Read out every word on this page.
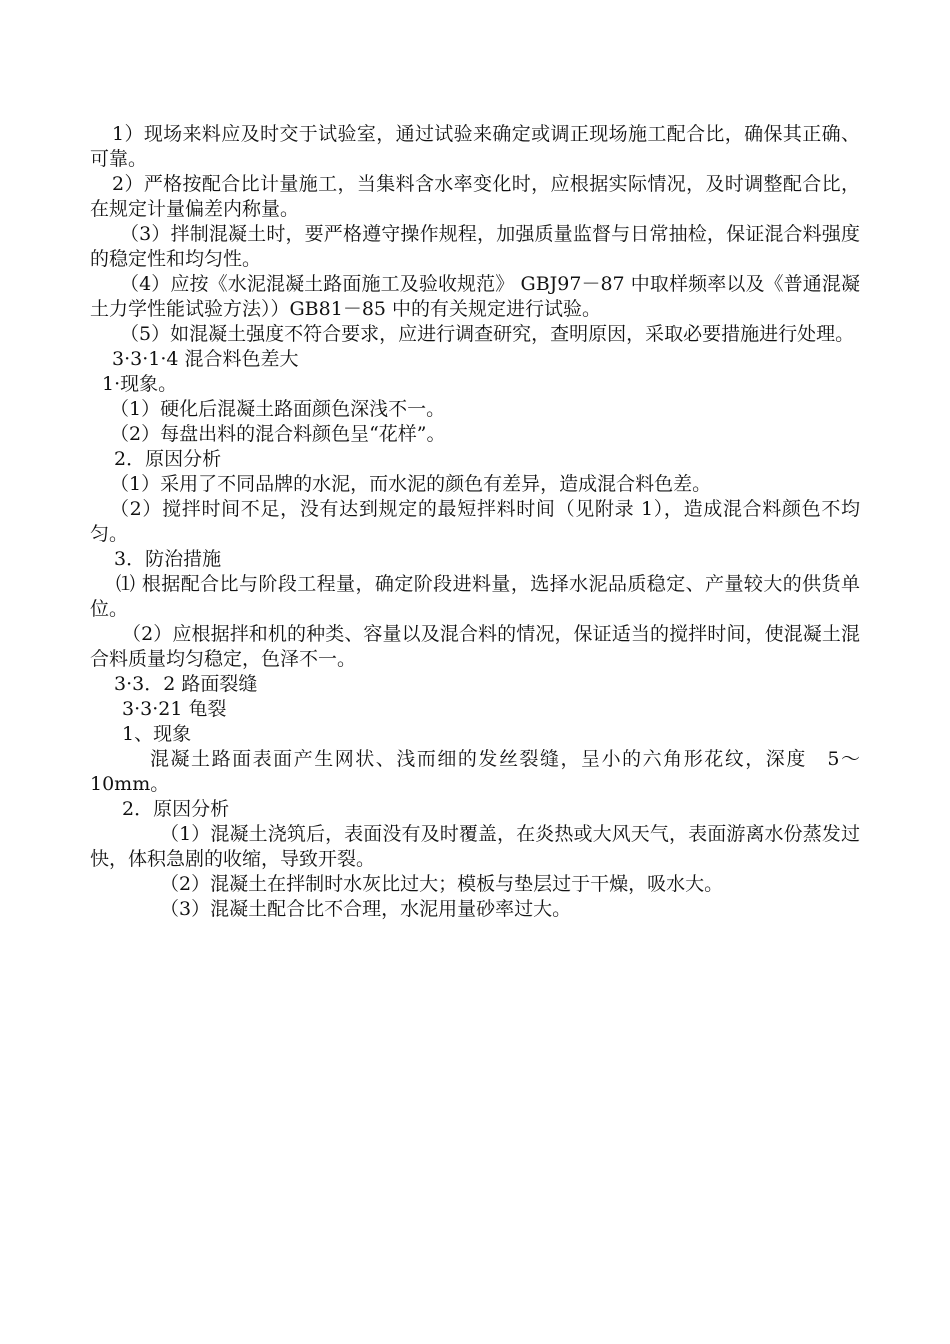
1）现场来料应及时交于试验室，通过试验来确定或调正现场施工配合比，确保其正确、可靠。

2）严格按配合比计量施工，当集料含水率变化时，应根据实际情况，及时调整配合比，在规定计量偏差内称量。

（3）拌制混凝土时，要严格遵守操作规程，加强质量监督与日常抽检，保证混合料强度的稳定性和均匀性。

（4）应按《水泥混凝土路面施工及验收规范》 GBJ97－87 中取样频率以及《普通混凝土力学性能试验方法））GB81－85 中的有关规定进行试验。

（5）如混凝土强度不符合要求，应进行调查研究，查明原因，采取必要措施进行处理。

3·3·1·4 混合料色差大

1·现象。

（1）硬化后混凝土路面颜色深浅不一。

（2）每盘出料的混合料颜色呈“花样”。

2．原因分析

（1）采用了不同品牌的水泥，而水泥的颜色有差异，造成混合料色差。

（2）搅拌时间不足，没有达到规定的最短拌料时间（见附录 1），造成混合料颜色不均匀。

3．防治措施

⑴ 根据配合比与阶段工程量，确定阶段进料量，选择水泥品质稳定、产量较大的供货单位。

（2）应根据拌和机的种类、容量以及混合料的情况，保证适当的搅拌时间，使混凝土混合料质量均匀稳定，色泽不一。

3·3．2 路面裂缝

3·3·21 龟裂

1、现象

混凝土路面表面产生网状、浅而细的发丝裂缝，呈小的六角形花纹，深度　5～ 10mm。

2．原因分析

（1）混凝土浇筑后，表面没有及时覆盖，在炎热或大风天气，表面游离水份蒸发过快，体积急剧的收缩，导致开裂。

（2）混凝土在拌制时水灰比过大；模板与垫层过于干燥，吸水大。

（3）混凝土配合比不合理，水泥用量砂率过大。
